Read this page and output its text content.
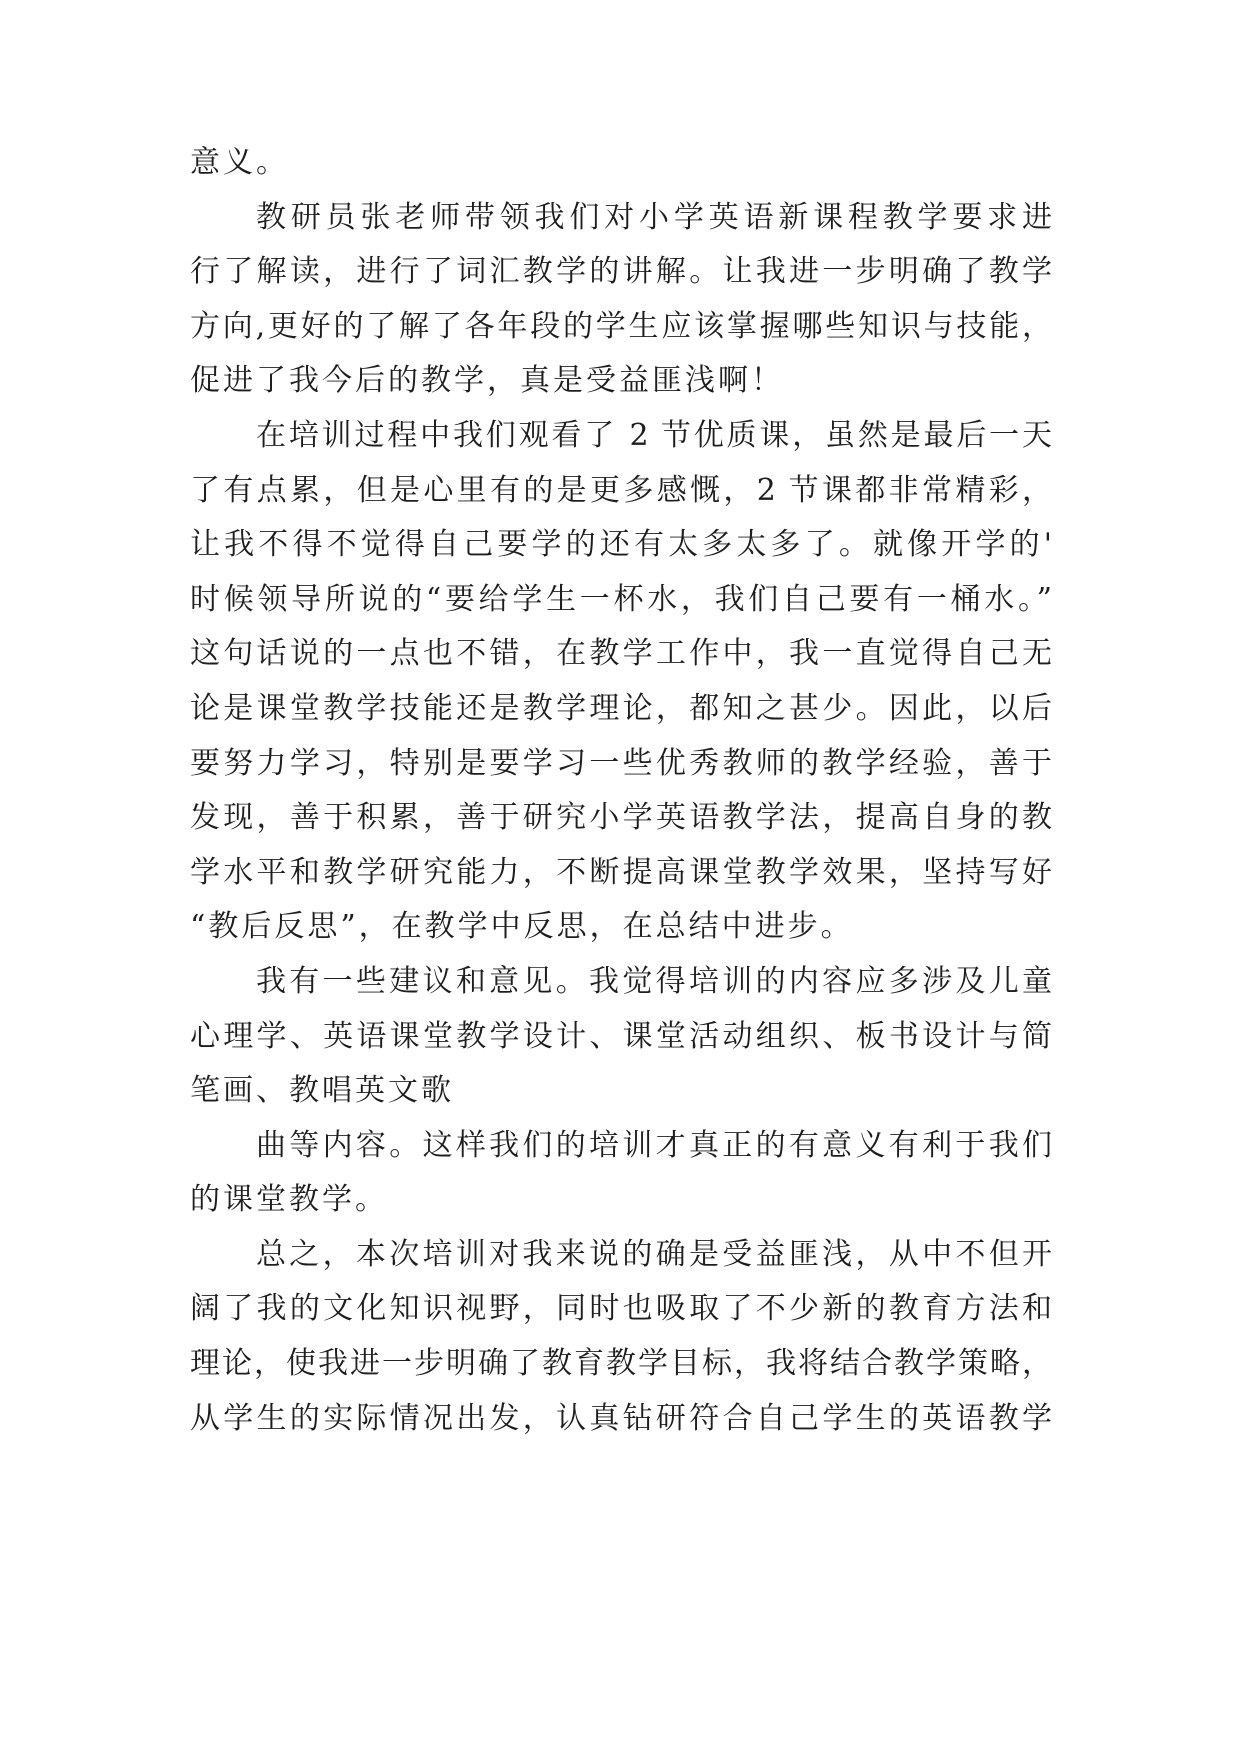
意义。
教研员张老师带领我们对小学英语新课程教学要求进
行了解读，进行了词汇教学的讲解。让我进一步明确了教学
方向,更好的了解了各年段的学生应该掌握哪些知识与技能，
促进了我今后的教学，真是受益匪浅啊！
在培训过程中我们观看了 2 节优质课，虽然是最后一天
了有点累，但是心里有的是更多感慨，2 节课都非常精彩，
让我不得不觉得自己要学的还有太多太多了。就像开学的'
时候领导所说的“要给学生一杯水，我们自己要有一桶水。”
这句话说的一点也不错，在教学工作中，我一直觉得自己无
论是课堂教学技能还是教学理论，都知之甚少。因此，以后
要努力学习，特别是要学习一些优秀教师的教学经验，善于
发现，善于积累，善于研究小学英语教学法，提高自身的教
学水平和教学研究能力，不断提高课堂教学效果，坚持写好
“教后反思”，在教学中反思，在总结中进步。
我有一些建议和意见。我觉得培训的内容应多涉及儿童
心理学、英语课堂教学设计、课堂活动组织、板书设计与简
笔画、教唱英文歌
曲等内容。这样我们的培训才真正的有意义有利于我们
的课堂教学。
总之，本次培训对我来说的确是受益匪浅，从中不但开
阔了我的文化知识视野，同时也吸取了不少新的教育方法和
理论，使我进一步明确了教育教学目标，我将结合教学策略，
从学生的实际情况出发，认真钻研符合自己学生的英语教学
